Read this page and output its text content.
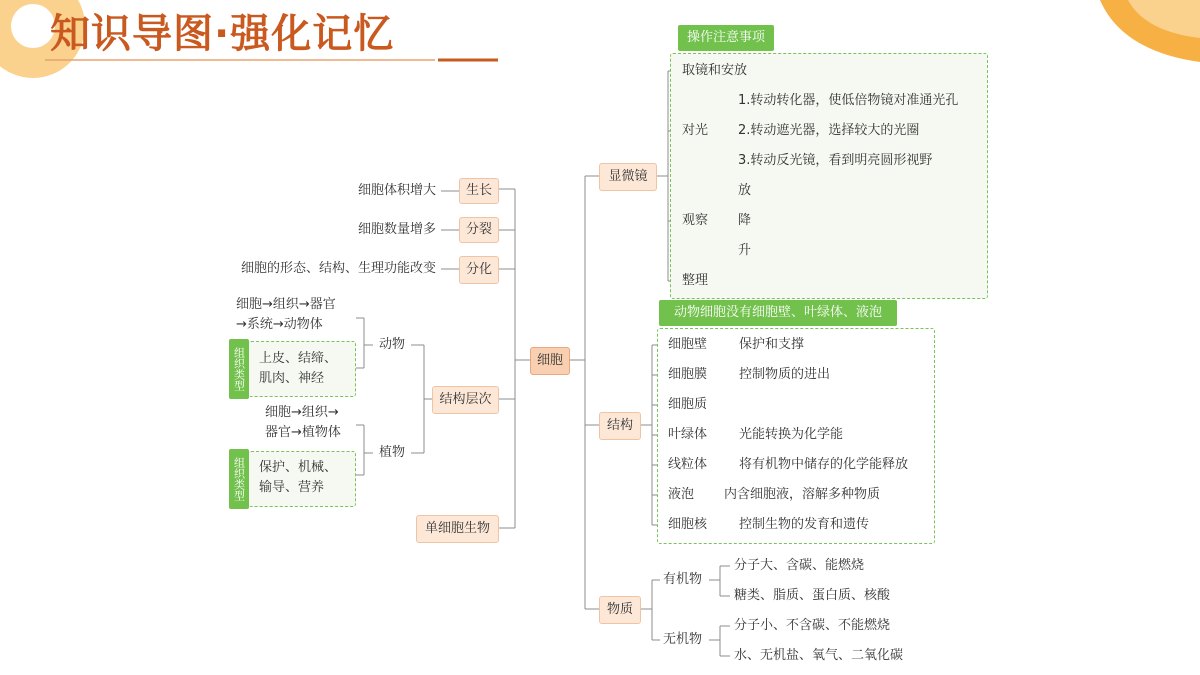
知识导图·强化记忆
细胞
生长
细胞体积增大
分裂
细胞数量增多
分化
细胞的形态、结构、生理功能改变
结构层次
动物
细胞→组织→器官
→系统→动物体
组织类型 上皮、结缔、
肌肉、神经
植物
细胞→组织→
器官→植物体
组织类型 保护、机械、
输导、营养
单细胞生物
显微镜
操作注意事项
取镜和安放
对光
1.转动转化器，使低倍物镜对准通光孔
2.转动遮光器，选择较大的光圈
3.转动反光镜，看到明亮圆形视野
观察
放
降
升
整理
结构
动物细胞没有细胞壁、叶绿体、液泡
细胞壁 保护和支撑
细胞膜 控制物质的进出
细胞质
叶绿体 光能转换为化学能
线粒体 将有机物中储存的化学能释放
液泡 内含细胞液，溶解多种物质
细胞核 控制生物的发育和遗传
物质
有机物
分子大、含碳、能燃烧
糖类、脂质、蛋白质、核酸
无机物
分子小、不含碳、不能燃烧
水、无机盐、氧气、二氧化碳
